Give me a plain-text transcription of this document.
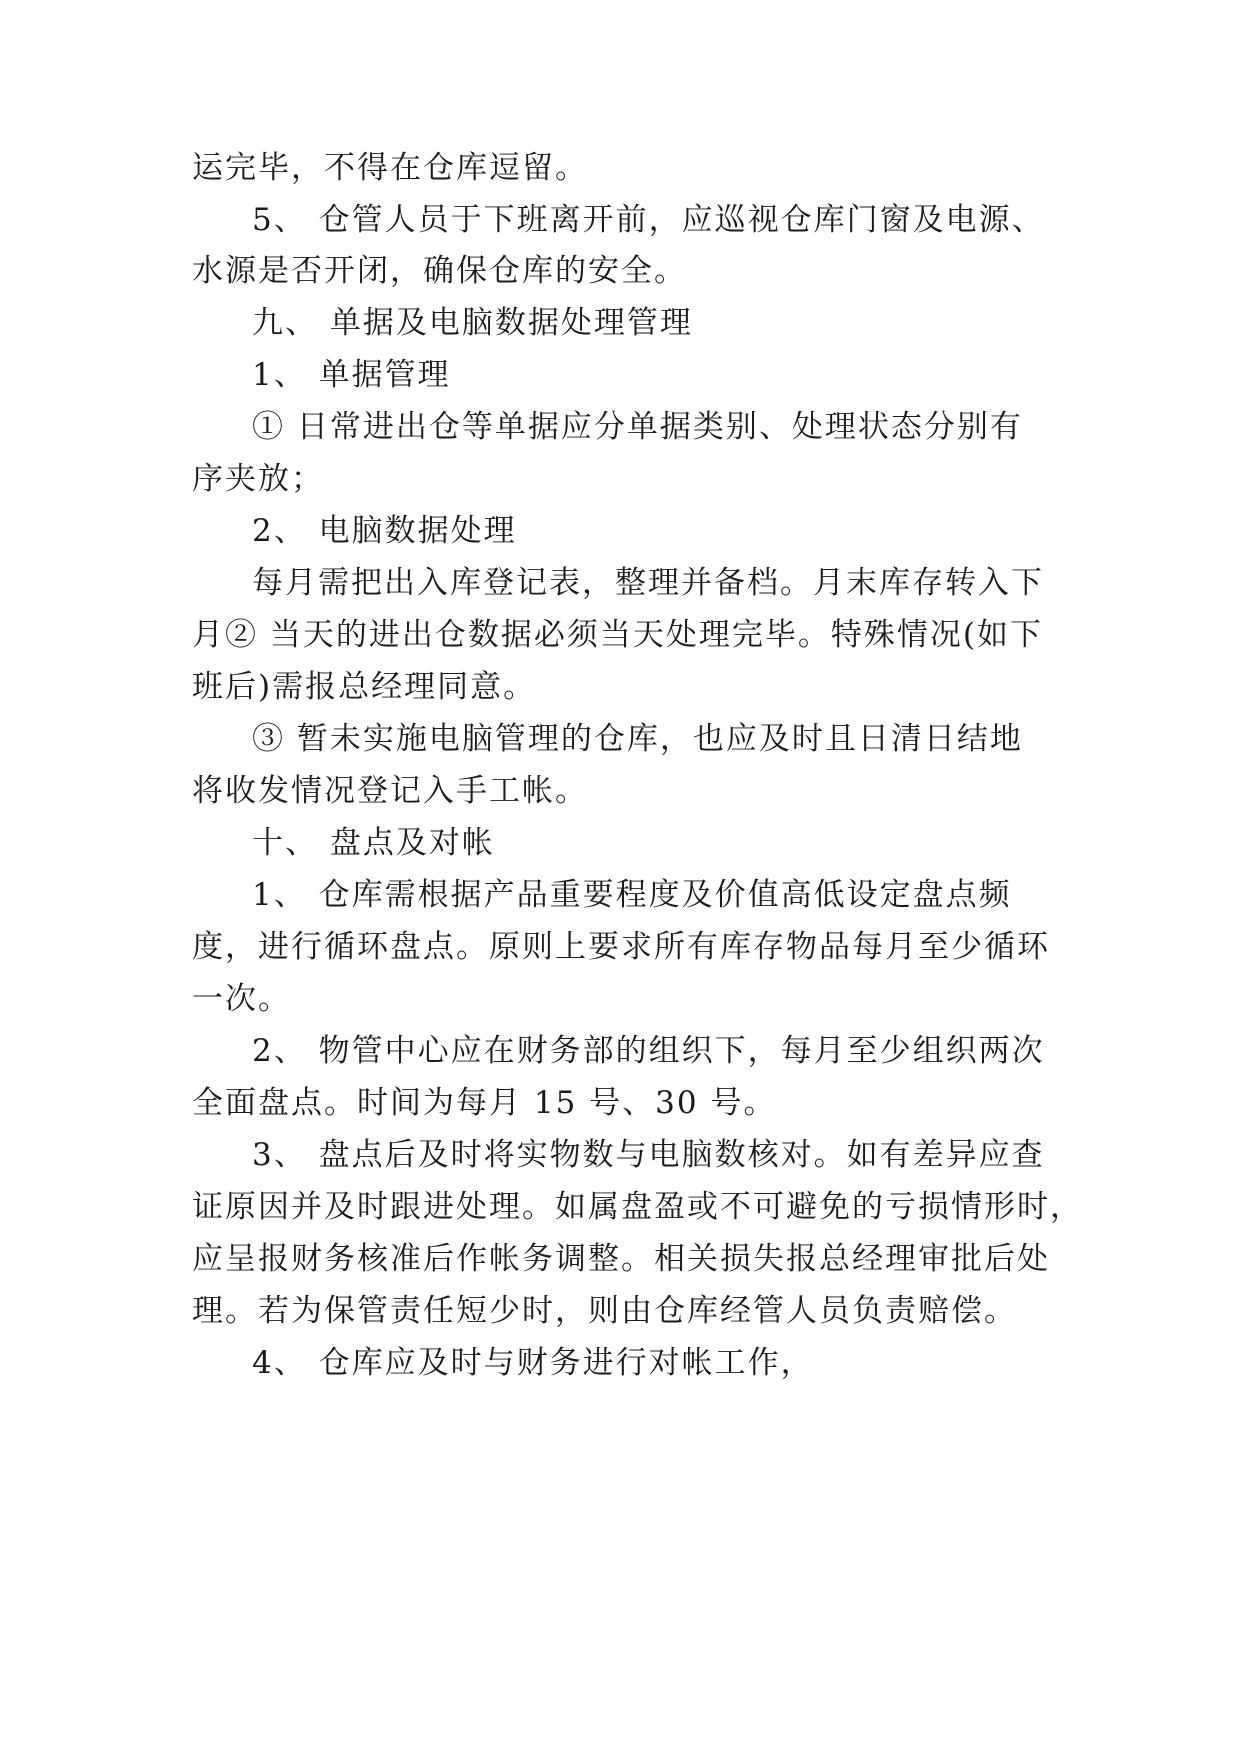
运完毕，不得在仓库逗留。
5、 仓管人员于下班离开前，应巡视仓库门窗及电源、
水源是否开闭，确保仓库的安全。
九、 单据及电脑数据处理管理
1、 单据管理
① 日常进出仓等单据应分单据类别、处理状态分别有
序夹放；
2、 电脑数据处理
每月需把出入库登记表，整理并备档。月末库存转入下
月② 当天的进出仓数据必须当天处理完毕。特殊情况(如下
班后)需报总经理同意。
③ 暂未实施电脑管理的仓库，也应及时且日清日结地
将收发情况登记入手工帐。
十、 盘点及对帐
1、 仓库需根据产品重要程度及价值高低设定盘点频
度，进行循环盘点。原则上要求所有库存物品每月至少循环
一次。
2、 物管中心应在财务部的组织下，每月至少组织两次
全面盘点。时间为每月 15 号、30 号。
3、 盘点后及时将实物数与电脑数核对。如有差异应查
证原因并及时跟进处理。如属盘盈或不可避免的亏损情形时，
应呈报财务核准后作帐务调整。相关损失报总经理审批后处
理。若为保管责任短少时，则由仓库经管人员负责赔偿。
4、 仓库应及时与财务进行对帐工作，
